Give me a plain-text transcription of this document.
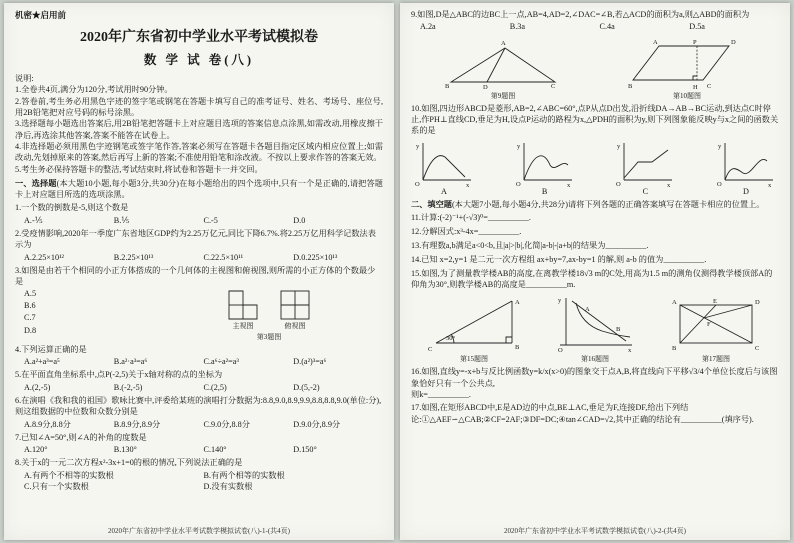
机密★启用前
2020年广东省初中学业水平考试模拟卷
数 学 试 卷(八)

说明:

1.全卷共4页,满分为120分,考试用时90分钟。

2.答卷前,考生务必用黑色字迹的签字笔或钢笔在答题卡填写自己的准考证号、姓名、考场号、座位号,用2B铅笔把对应号码的标号涂黑。

3.选择题每小题选出答案后,用2B铅笔把答题卡上对应题目选项的答案信息点涂黑,如需改动,用橡皮擦干净后,再选涂其他答案,答案不能答在试卷上。

4.非选择题必须用黑色字迹钢笔或签字笔作答,答案必须写在答题卡各题目指定区域内相应位置上;如需改动,先划掉原来的答案,然后再写上新的答案;不准使用铅笔和涂改液。不按以上要求作答的答案无效。

5.考生务必保持答题卡的整洁,考试结束时,将试卷和答题卡一并交回。

一、选择题(本大题10小题,每小题3分,共30分)在每小题给出的四个选项中,只有一个是正确的,请把答题卡上对应题目所选的选项涂黑。

1.一个数的倒数是-5,则这个数是

A.-⅕	B.⅕	C.-5	D.0

2.受疫情影响,2020年一季度广东省地区GDP约为2.25万亿元,同比下降6.7%.将2.25万亿用科学记数法表示为

A.2.25×10¹²	B.2.25×10¹³	C.22.5×10¹¹	D.0.225×10¹³

3.如图是由若干个相同的小正方体搭成的一个几何体的主视图和俯视图,则所需的小正方体的个数最少是

A.5

B.6

C.7

D.8	主视图	俯视图
第3题图

4.下列运算正确的是

A.a²+a³=a⁵	B.a²·a³=a⁶	C.a⁶÷a²=a³	D.(a²)³=a⁶

5.在平面直角坐标系中,点P(-2,5)关于x轴对称的点的坐标为

A.(2,-5)	B.(-2,-5)	C.(2,5)	D.(5,-2)

6.在演唱《我和我的祖国》歌咏比赛中,评委给某班的演唱打分数据为:8.8,9.0,8.9,9.9,8.8,8.8,9.0(单位:分),则这组数据的中位数和众数分别是

A.8.9分,8.8分	B.8.9分,8.9分	C.9.0分,8.8分	D.9.0分,8.9分

7.已知∠A=50°,则∠A的补角的度数是

A.120°	B.130°	C.140°	D.150°

8.关于x的一元二次方程x²-3x+1=0的根的情况,下列说法正确的是

A.有两个不相等的实数根	B.有两个相等的实数根
C.只有一个实数根	D.没有实数根
2020年广东省初中学业水平考试数学模拟试卷(八)-1-(共4页)

9.如图,D是△ABC的边BC上一点,AB=4,AD=2,∠DAC=∠B,若△ACD的面积为a,则△ABD的面积为

A.2a	B.3a	C.4a	D.5a
A
B	D	C
第9题图
A
B	C
D
P
H
第10题图

10.如图,四边形ABCD是菱形,AB=2,∠ABC=60°,点P从点D出发,沿折线DA→AB→BC运动,到达点C时停止,作PH⊥直线CD,垂足为H,设点P运动的路程为x,△PDH的面积为y,则下列图象能反映y与x之间的函数关系的是

y
O	x
A
y
O	x
B
y
O	x
C
y
O	x
D

二、填空题(本大题7小题,每小题4分,共28分)请将下列各题的正确答案填写在答题卡相应的位置上。

11.计算:(-2)⁻¹+(-√3)⁰=__________.

12.分解因式:x³-4x=__________.

13.有理数a,b满足a<0<b,且|a|>|b|,化简|a-b|-|a+b|的结果为__________.

14.已知 x=2,y=1 是二元一次方程组 ax+by=7,ax-by=1 的解,则 a-b 的值为__________.

15.如图,为了测量教学楼AB的高度,在离教学楼18√3 m的C处,用高为1.5 m的测角仪测得教学楼顶部A的仰角为30°,则教学楼AB的高度是__________m.

30°
A
B
C
第15题图
y
O	x
A
B
第16题图
A
B	C
D
E
F
第17题图

16.如图,直线y=-x+b与反比例函数y=k/x(x>0)的图象交于点A,B,将直线向下平移√3/4个单位长度后与该图象恰好只有一个公共点,

则k=__________.

17.如图,在矩形ABCD中,E是AD边的中点,BE⊥AC,垂足为F,连接DF,给出下列结论:①△AEF∽△CAB;②CF=2AF;③DF=DC;④tan∠CAD=√2,其中正确的结论有__________(填序号).

2020年广东省初中学业水平考试数学模拟试卷(八)-2-(共4页)
